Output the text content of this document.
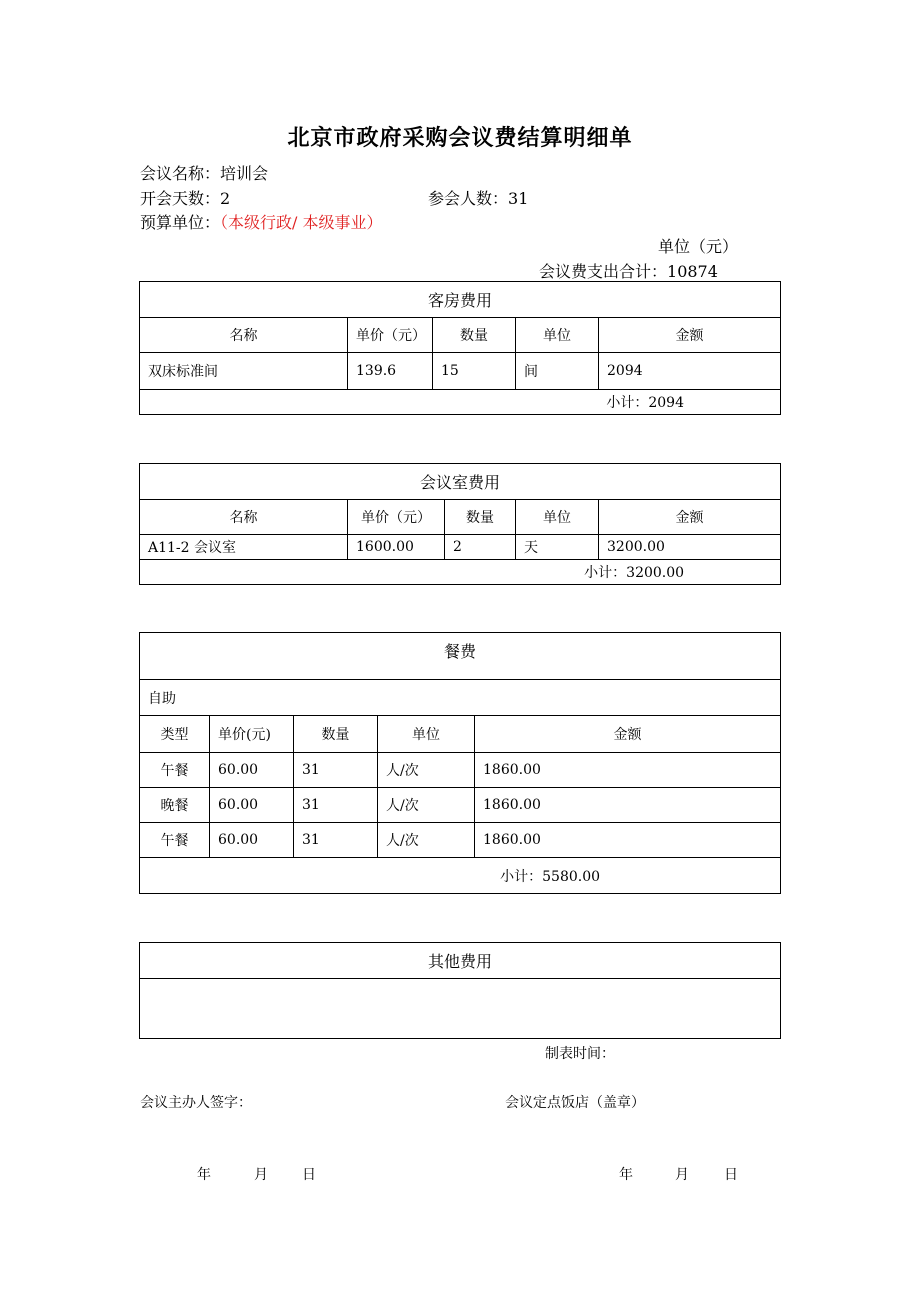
北京市政府采购会议费结算明细单
会议名称：培训会
开会天数：2	参会人数：31
预算单位：（本级行政/ 本级事业）
单位（元）
会议费支出合计：10874
客房费用				
名称	单价（元）	数量	单位	金额
双床标准间	139.6	15	间	2094
小计：2094				
会议室费用				
名称	单价（元）	数量	单位	金额
A11-2 会议室	1600.00	2	天	3200.00
小计：3200.00				
餐费				
自助				
类型	单价(元)	数量	单位	金额
午餐	60.00	31	人/次	1860.00
晚餐	60.00	31	人/次	1860.00
午餐	60.00	31	人/次	1860.00
小计：5580.00				
其他费用

制表时间：
会议主办人签字：	会议定点饭店（盖章）
年	月 日	年	月	日
